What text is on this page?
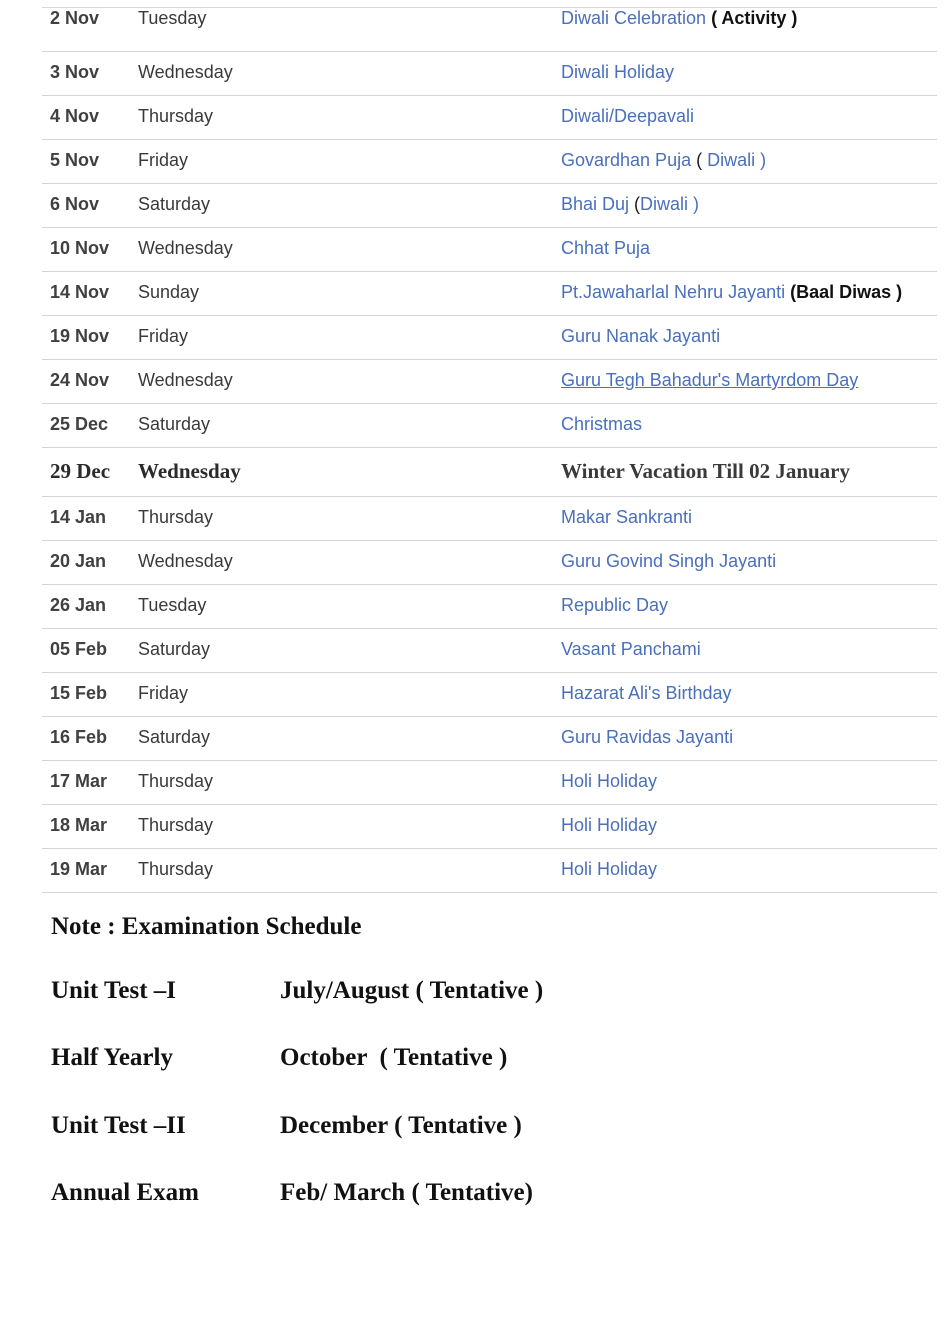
2 Nov Tuesday	Diwali Celebration ( Activity )
3 Nov Wednesday	Diwali Holiday
4 Nov Thursday	Diwali/Deepavali
5 Nov Friday	Govardhan Puja ( Diwali )
6 Nov Saturday	Bhai Duj (Diwali )
10 Nov Wednesday	Chhat Puja
14 Nov Sunday	Pt.Jawaharlal Nehru Jayanti (Baal Diwas )
19 Nov Friday	Guru Nanak Jayanti
24 Nov Wednesday	Guru Tegh Bahadur's Martyrdom Day
25 Dec Saturday	Christmas
29 Dec Wednesday	Winter Vacation Till 02 January
14 Jan Thursday	Makar Sankranti
20 Jan Wednesday	Guru Govind Singh Jayanti
26 Jan Tuesday	Republic Day
05 Feb Saturday	Vasant Panchami
15 Feb Friday	Hazarat Ali's Birthday
16 Feb Saturday	Guru Ravidas Jayanti
17 Mar Thursday	Holi Holiday
18 Mar Thursday	Holi Holiday
19 Mar Thursday	Holi Holiday
Note : Examination Schedule
Unit Test –I	July/August ( Tentative )
Half Yearly	October  ( Tentative )
Unit Test –II	December ( Tentative )
Annual Exam	Feb/ March ( Tentative)
